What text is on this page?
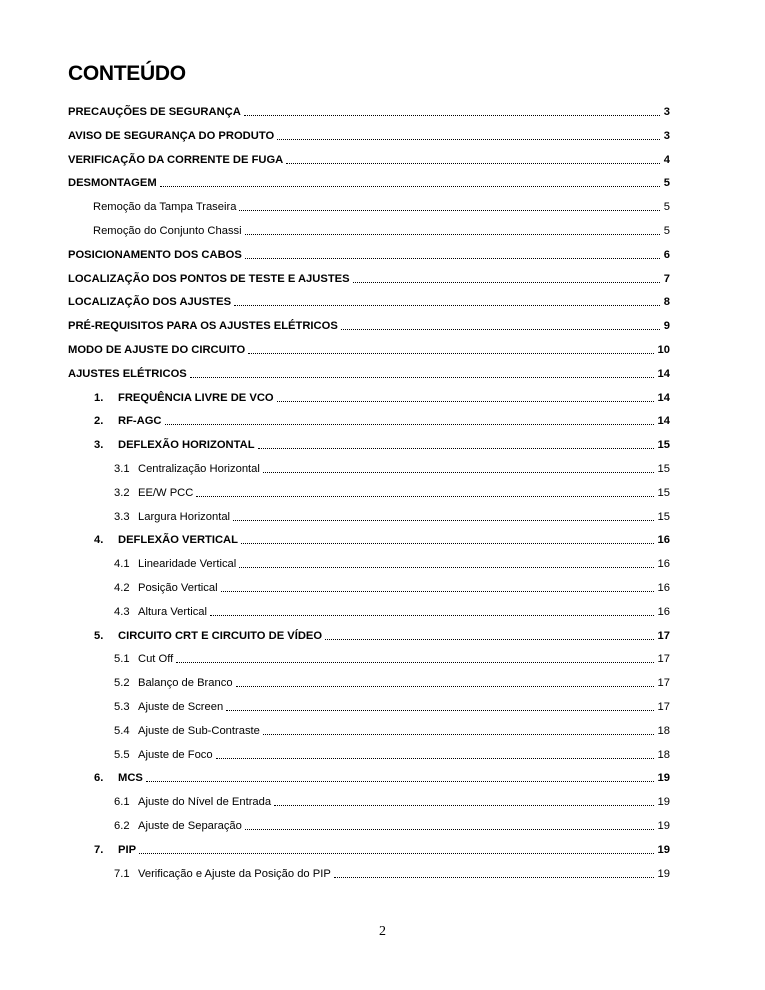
CONTEÚDO
PRECAUÇÕES DE SEGURANÇA	3
AVISO DE SEGURANÇA DO PRODUTO	3
VERIFICAÇÃO DA CORRENTE DE FUGA	4
DESMONTAGEM	5
Remoção da Tampa Traseira	5
Remoção do Conjunto Chassi	5
POSICIONAMENTO DOS CABOS	6
LOCALIZAÇÃO DOS PONTOS DE TESTE E AJUSTES	7
LOCALIZAÇÃO DOS AJUSTES	8
PRÉ-REQUISITOS PARA OS AJUSTES ELÉTRICOS	9
MODO DE AJUSTE DO CIRCUITO	10
AJUSTES ELÉTRICOS	14
1.	FREQUÊNCIA LIVRE DE VCO	14
2.	RF-AGC	14
3.	DEFLEXÃO HORIZONTAL	15
3.1 Centralização Horizontal	15
3.2 EE/W PCC	15
3.3 Largura Horizontal	15
4.	DEFLEXÃO VERTICAL	16
4.1 Linearidade Vertical	16
4.2 Posição Vertical	16
4.3 Altura Vertical	16
5.	CIRCUITO CRT E CIRCUITO DE VÍDEO	17
5.1 Cut Off	17
5.2 Balanço de Branco	17
5.3 Ajuste de Screen	17
5.4 Ajuste de Sub-Contraste	18
5.5 Ajuste de Foco	18
6.	MCS	19
6.1 Ajuste do Nível de Entrada	19
6.2 Ajuste de Separação	19
7.	PIP	19
7.1 Verificação e Ajuste da Posição do PIP	19
2
